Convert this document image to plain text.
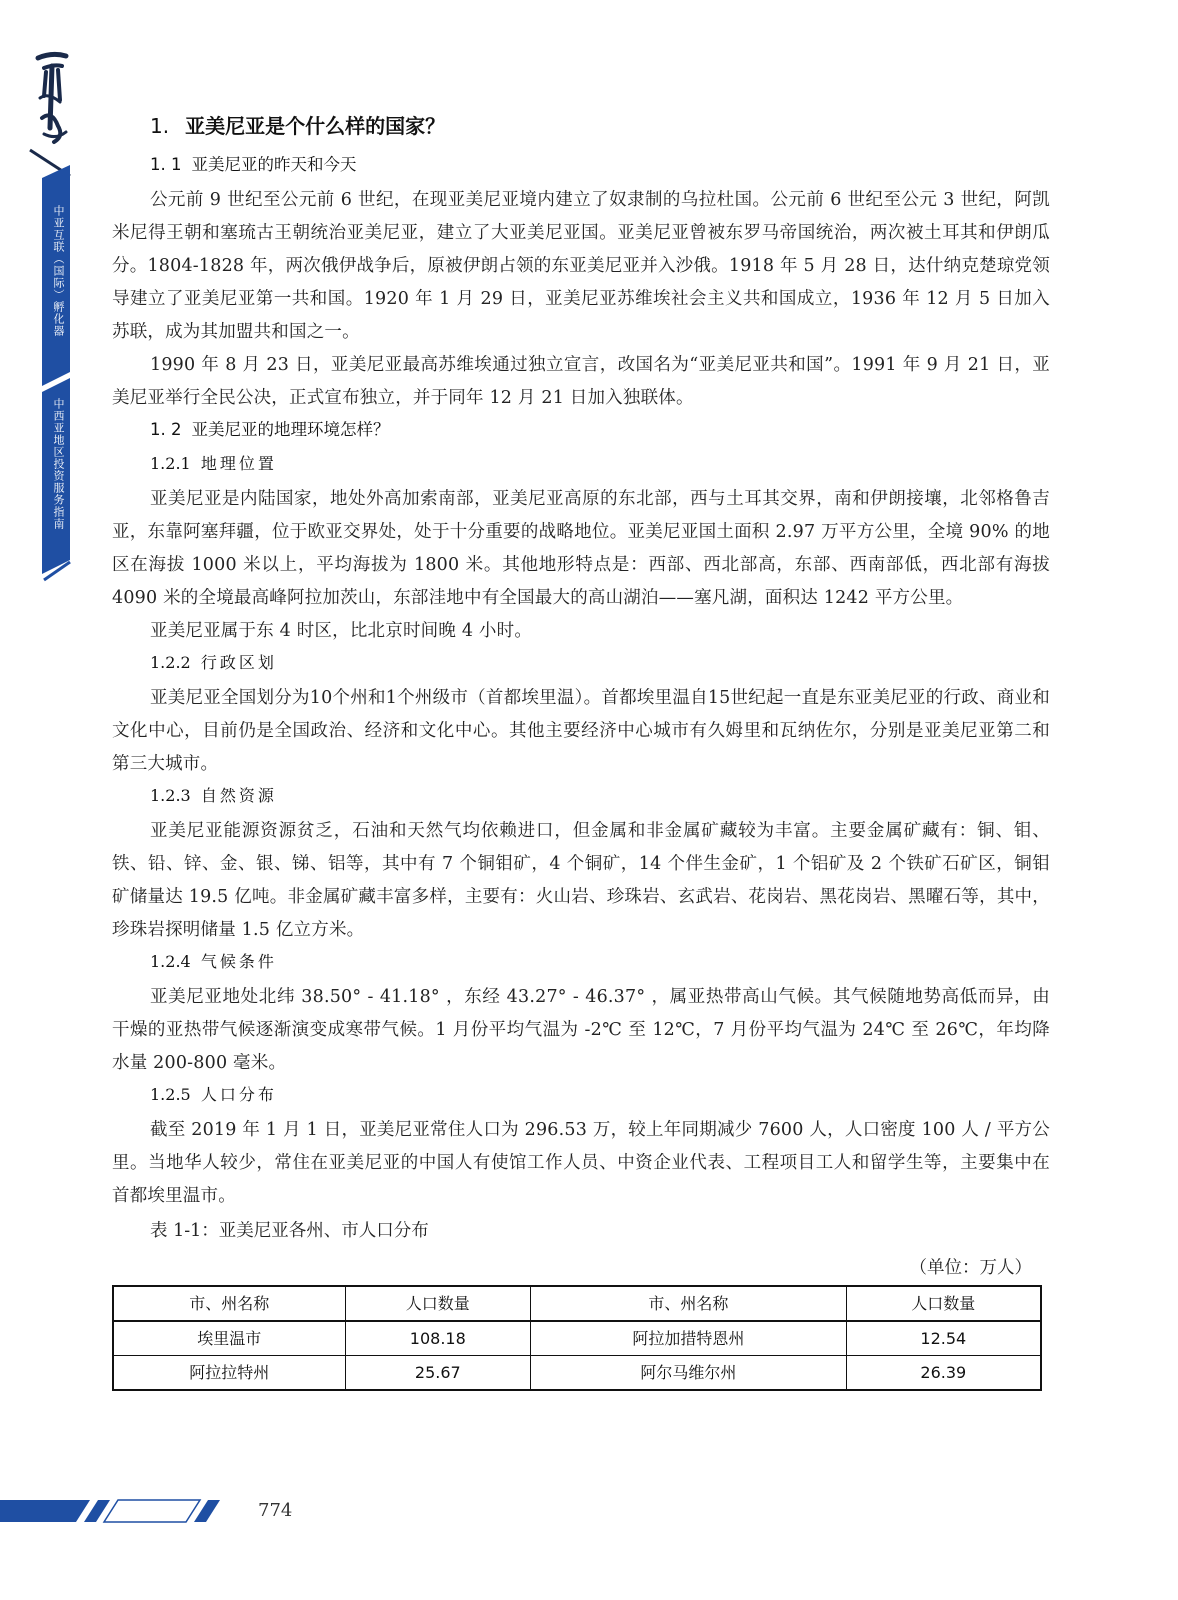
中亚互联（国际）孵化器
中西亚地区投资服务指南
1. 亚美尼亚是个什么样的国家？
1. 1 亚美尼亚的昨天和今天

公元前 9 世纪至公元前 6 世纪，在现亚美尼亚境内建立了奴隶制的乌拉杜国。公元前 6 世纪至公元 3 世纪，阿凯米尼得王朝和塞琉古王朝统治亚美尼亚，建立了大亚美尼亚国。亚美尼亚曾被东罗马帝国统治，两次被土耳其和伊朗瓜分。1804-1828 年，两次俄伊战争后，原被伊朗占领的东亚美尼亚并入沙俄。1918 年 5 月 28 日，达什纳克楚琼党领导建立了亚美尼亚第一共和国。1920 年 1 月 29 日，亚美尼亚苏维埃社会主义共和国成立，1936 年 12 月 5 日加入苏联，成为其加盟共和国之一。

1990 年 8 月 23 日，亚美尼亚最高苏维埃通过独立宣言，改国名为“亚美尼亚共和国”。1991 年 9 月 21 日，亚美尼亚举行全民公决，正式宣布独立，并于同年 12 月 21 日加入独联体。

1. 2 亚美尼亚的地理环境怎样？
1.2.1 地理位置

亚美尼亚是内陆国家，地处外高加索南部，亚美尼亚高原的东北部，西与土耳其交界，南和伊朗接壤，北邻格鲁吉亚，东靠阿塞拜疆，位于欧亚交界处，处于十分重要的战略地位。亚美尼亚国土面积 2.97 万平方公里，全境 90% 的地区在海拔 1000 米以上，平均海拔为 1800 米。其他地形特点是：西部、西北部高，东部、西南部低，西北部有海拔 4090 米的全境最高峰阿拉加茨山，东部洼地中有全国最大的高山湖泊——塞凡湖，面积达 1242 平方公里。

亚美尼亚属于东 4 时区，比北京时间晚 4 小时。

1.2.2 行政区划

亚美尼亚全国划分为10个州和1个州级市（首都埃里温）。首都埃里温自15世纪起一直是东亚美尼亚的行政、商业和文化中心，目前仍是全国政治、经济和文化中心。其他主要经济中心城市有久姆里和瓦纳佐尔，分别是亚美尼亚第二和第三大城市。

1.2.3 自然资源

亚美尼亚能源资源贫乏，石油和天然气均依赖进口，但金属和非金属矿藏较为丰富。主要金属矿藏有：铜、钼、铁、铅、锌、金、银、锑、铝等，其中有 7 个铜钼矿，4 个铜矿，14 个伴生金矿，1 个铝矿及 2 个铁矿石矿区，铜钼矿储量达 19.5 亿吨。非金属矿藏丰富多样，主要有：火山岩、珍珠岩、玄武岩、花岗岩、黑花岗岩、黑曜石等，其中，珍珠岩探明储量 1.5 亿立方米。

1.2.4 气候条件

亚美尼亚地处北纬 38.50° - 41.18° ，东经 43.27° - 46.37° ，属亚热带高山气候。其气候随地势高低而异，由干燥的亚热带气候逐渐演变成寒带气候。1 月份平均气温为 -2℃ 至 12℃，7 月份平均气温为 24℃ 至 26℃，年均降水量 200-800 毫米。

1.2.5 人口分布

截至 2019 年 1 月 1 日，亚美尼亚常住人口为 296.53 万，较上年同期减少 7600 人，人口密度 100 人 / 平方公里。当地华人较少，常住在亚美尼亚的中国人有使馆工作人员、中资企业代表、工程项目工人和留学生等，主要集中在首都埃里温市。

表 1-1：亚美尼亚各州、市人口分布
（单位：万人）
市、州名称	人口数量	市、州名称	人口数量
埃里温市	108.18	阿拉加措特恩州	12.54
阿拉拉特州	25.67	阿尔马维尔州	26.39
774
